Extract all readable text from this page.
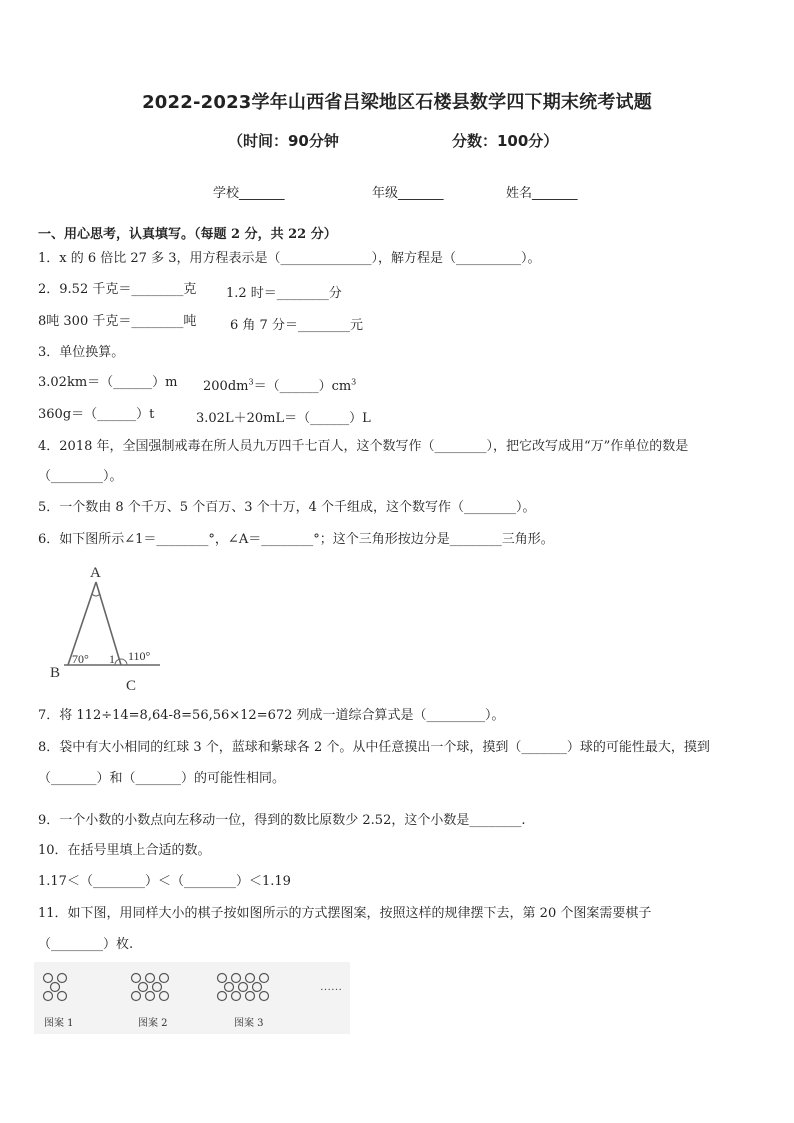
2022-2023学年山西省吕梁地区石楼县数学四下期末统考试题
（时间：90分钟	分数：100分）
学校_______	年级_______	姓名_______
一、用心思考，认真填写。（每题 2 分，共 22 分）
1．x 的 6 倍比 27 多 3，用方程表示是（______________），解方程是（__________）。
2．9.52 千克＝________克 1.2 时＝________分
8吨 300 千克＝________吨	6 角 7 分＝________元
3．单位换算。
3.02km＝（______）m $200dm^3=(\_\_\_\_\_\_)cm^3$
360g＝（______）t	3.02L＋20mL＝（______）L
4．2018 年，全国强制戒毒在所人员九万四千七百人，这个数写作（________），把它改写成用“万”作单位的数是
（________）。
5．一个数由 8 个千万、5 个百万、3 个十万，4 个千组成，这个数写作（________）。
6．如下图所示∠1＝________°，∠A＝________°；这个三角形按边分是________三角形。
A
B
C
70° 1 110°
7．将 112÷14=8,64-8=56,56×12=672 列成一道综合算式是（_________）。
8．袋中有大小相同的红球 3 个，蓝球和紫球各 2 个。从中任意摸出一个球，摸到（_______）球的可能性最大，摸到
（_______）和（_______）的可能性相同。
9．一个小数的小数点向左移动一位，得到的数比原数少 2.52，这个小数是________.
10．在括号里填上合适的数。
1.17＜（________）＜（________）＜1.19
11．如下图，用同样大小的棋子按如图所示的方式摆图案，按照这样的规律摆下去，第 20 个图案需要棋子
（________）枚.
……
图案 1	图案 2	图案 3
